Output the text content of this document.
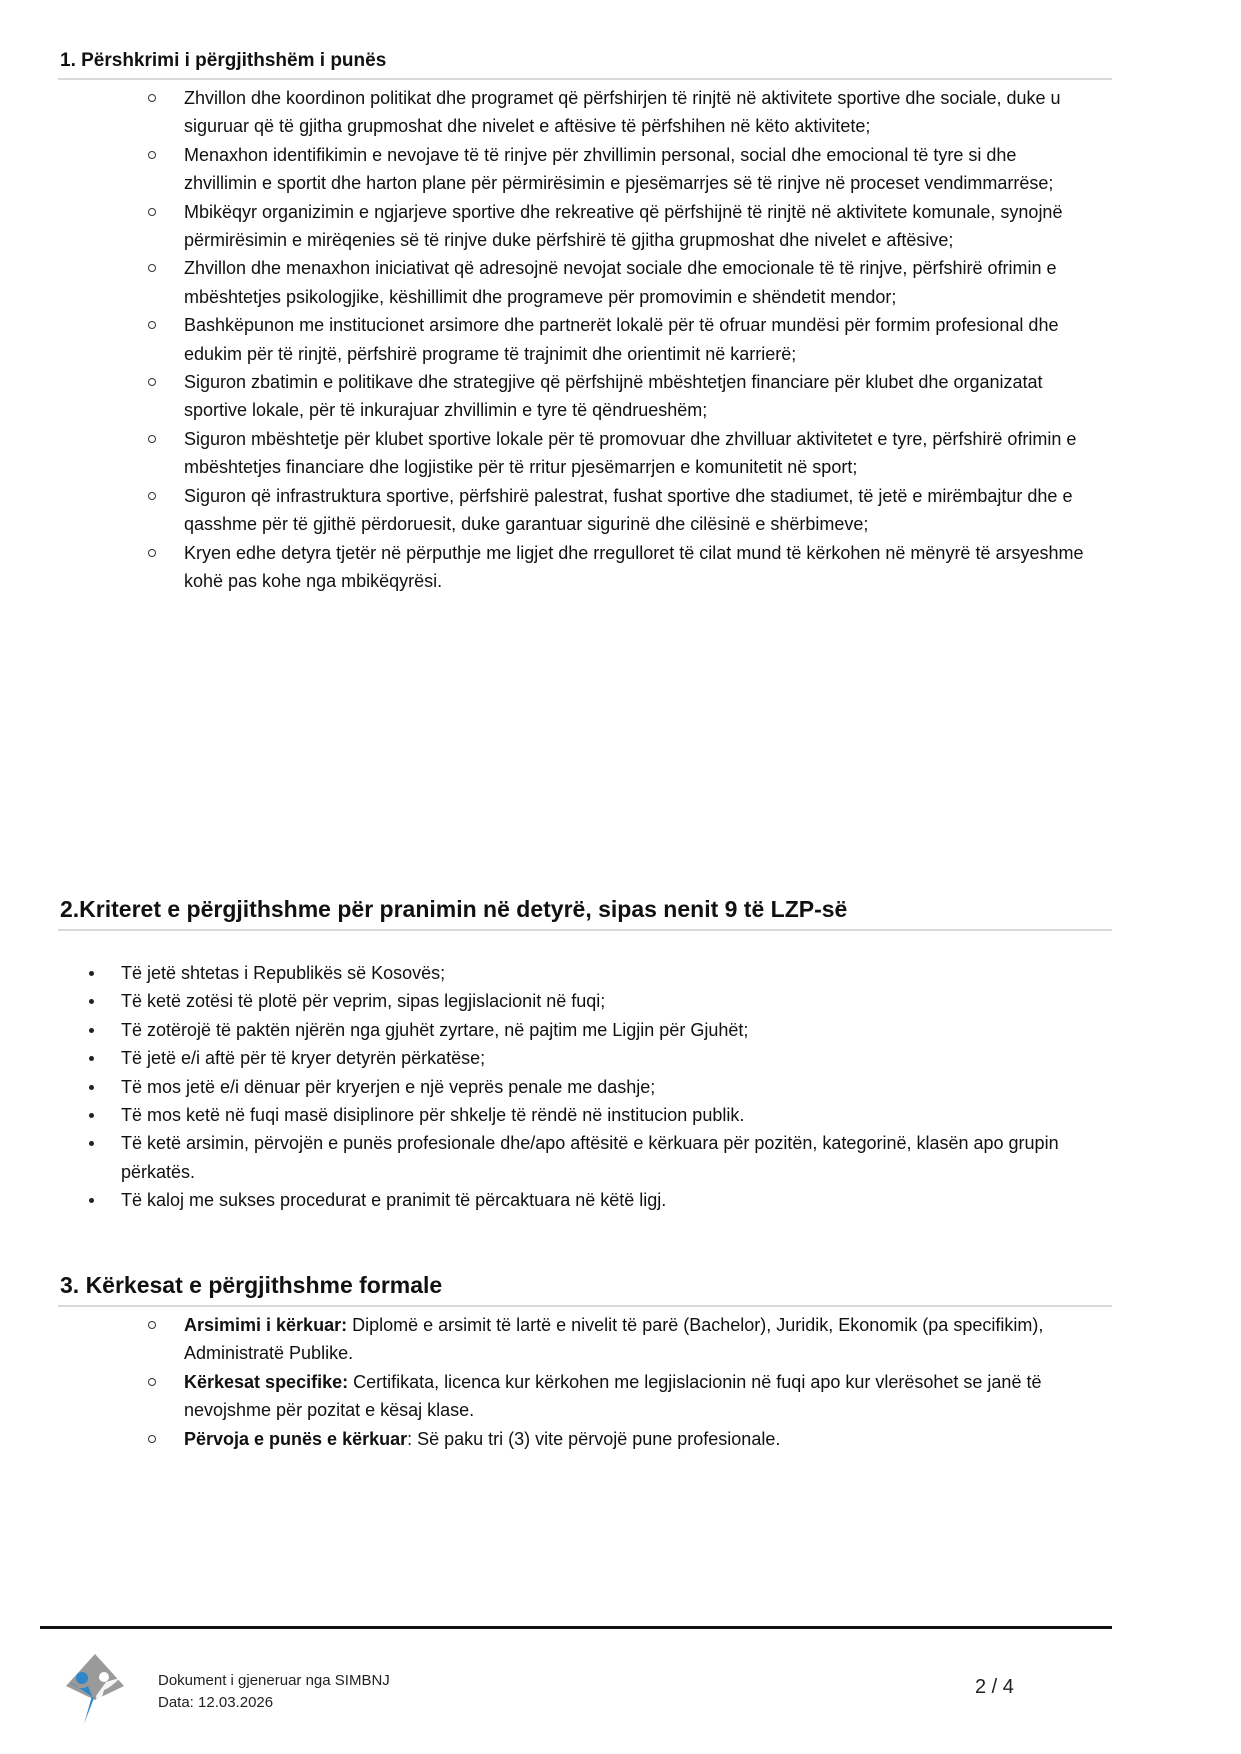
1. Përshkrimi i përgjithshëm i punës
Zhvillon dhe koordinon politikat dhe programet që përfshirjen të rinjtë në aktivitete sportive dhe sociale, duke u siguruar që të gjitha grupmoshat dhe nivelet e aftësive të përfshihen në këto aktivitete;
Menaxhon identifikimin e nevojave të të rinjve për zhvillimin personal, social dhe emocional të tyre si dhe zhvillimin e sportit dhe harton plane për përmirësimin e pjesëmarrjes së të rinjve në proceset vendimmarrëse;
Mbikëqyr organizimin e ngjarjeve sportive dhe rekreative që përfshijnë të rinjtë në aktivitete komunale, synojnë përmirësimin e mirëqenies së të rinjve duke përfshirë të gjitha grupmoshat dhe nivelet e aftësive;
Zhvillon dhe menaxhon iniciativat që adresojnë nevojat sociale dhe emocionale të të rinjve, përfshirë ofrimin e mbështetjes psikologjike, këshillimit dhe programeve për promovimin e shëndetit mendor;
Bashkëpunon me institucionet arsimore dhe partnerët lokalë për të ofruar mundësi për formim profesional dhe edukim për të rinjtë, përfshirë programe të trajnimit dhe orientimit në karrierë;
Siguron zbatimin e politikave dhe strategjive që përfshijnë mbështetjen financiare për klubet dhe organizatat sportive lokale, për të inkurajuar zhvillimin e tyre të qëndrueshëm;
Siguron mbështetje për klubet sportive lokale për të promovuar dhe zhvilluar aktivitetet e tyre, përfshirë ofrimin e mbështetjes financiare dhe logjistike për të rritur pjesëmarrjen e komunitetit në sport;
Siguron që infrastruktura sportive, përfshirë palestrat, fushat sportive dhe stadiumet, të jetë e mirëmbajtur dhe e qasshme për të gjithë përdoruesit, duke garantuar sigurinë dhe cilësinë e shërbimeve;
Kryen edhe detyra tjetër në përputhje me ligjet dhe rregulloret të cilat mund të kërkohen në mënyrë të arsyeshme kohë pas kohe nga mbikëqyrësi.
2.Kriteret e përgjithshme për pranimin në detyrë, sipas nenit 9 të LZP-së
Të jetë shtetas i Republikës së Kosovës;
Të ketë zotësi të plotë për veprim, sipas legjislacionit në fuqi;
Të zotërojë të paktën njërën nga gjuhët zyrtare, në pajtim me Ligjin për Gjuhët;
Të jetë e/i aftë për të kryer detyrën përkatëse;
Të mos jetë e/i dënuar për kryerjen e një veprës penale me dashje;
Të mos ketë në fuqi masë disiplinore për shkelje të rëndë në institucion publik.
Të ketë arsimin, përvojën e punës profesionale dhe/apo aftësitë e kërkuara për pozitën, kategorinë, klasën apo grupin përkatës.
Të kaloj me sukses procedurat e pranimit të përcaktuara në këtë ligj.
3. Kërkesat e përgjithshme formale
Arsimimi i kërkuar: Diplomë e arsimit të lartë e nivelit të parë (Bachelor), Juridik, Ekonomik (pa specifikim), Administratë Publike.
Kërkesat specifike: Certifikata, licenca kur kërkohen me legjislacionin në fuqi apo kur vlerësohet se janë të nevojshme për pozitat e kësaj klase.
Përvoja e punës e kërkuar: Së paku tri (3) vite përvojë pune profesionale.
Dokument i gjeneruar nga SIMBNJ
Data: 12.03.2026
2 / 4
